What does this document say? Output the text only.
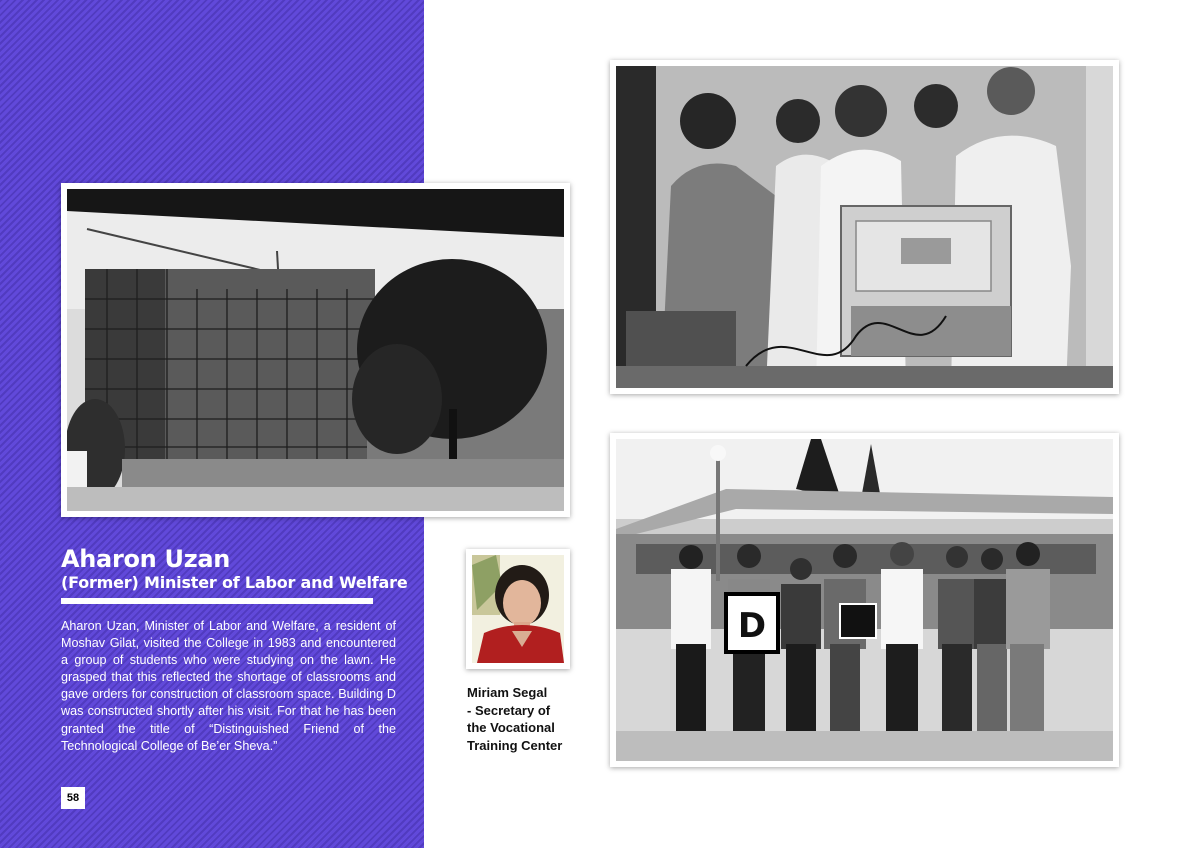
D
Aharon Uzan
(Former) Minister of Labor and Welfare
Aharon Uzan, Minister of Labor and Welfare, a resident of Moshav Gilat, visited the College in 1983 and encountered a group of students who were studying on the lawn. He grasped that this reflected the shortage of classrooms and gave orders for construction of classroom space. Building D was constructed shortly after his visit. For that he has been granted the title of “Distinguished Friend of the Technological College of Be’er Sheva.”
58
Miriam Segal
- Secretary of
the Vocational
Training Center
